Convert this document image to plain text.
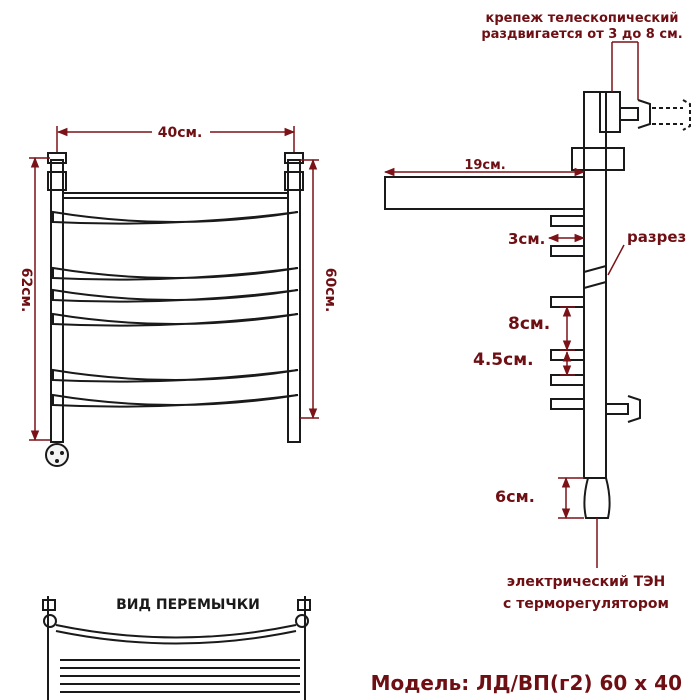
40см.
62см.	60см.
крепеж телескопический
раздвигается от 3 до 8 см.
19см.
3см.	разрез
8см.
4.5см.
6см.
электрический ТЭН
с терморегулятором
ВИД ПЕРЕМЫЧКИ
Модель: ЛД/ВП(г2) 60 х 40
